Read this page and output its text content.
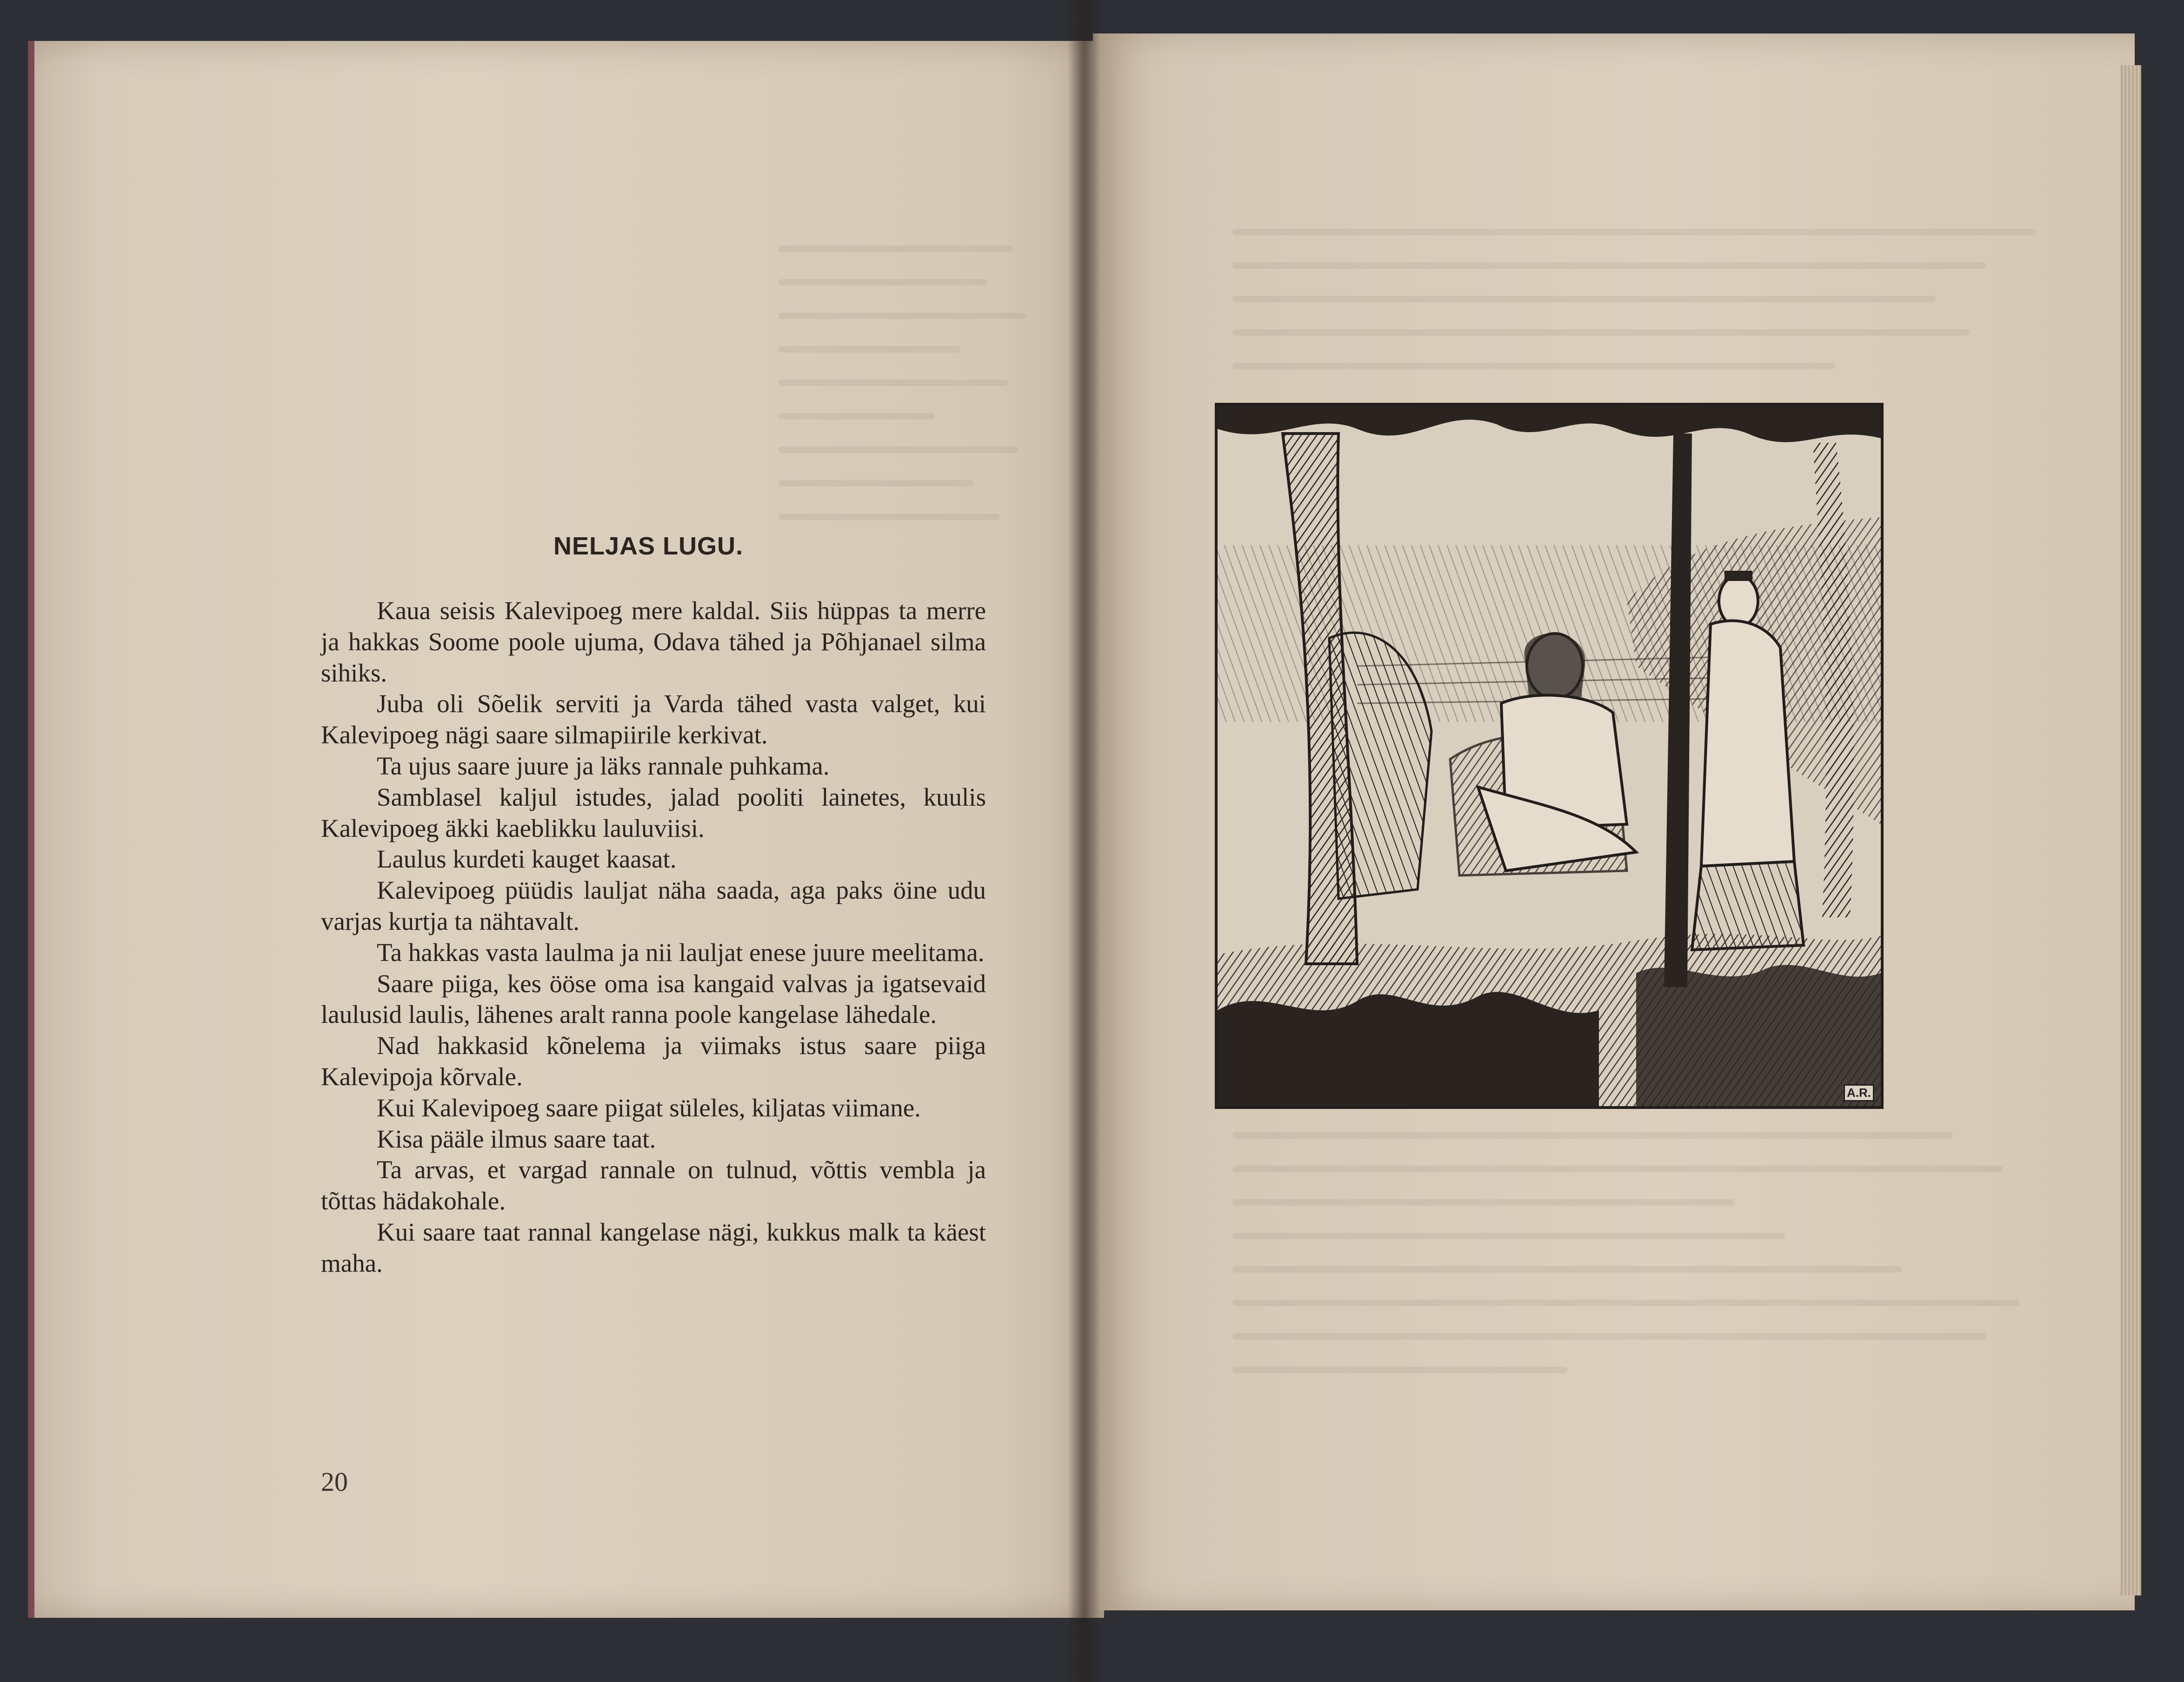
NELJAS LUGU.

Kaua seisis Kalevipoeg mere kaldal. Siis hüppas ta merre ja hakkas Soome poole ujuma, Odava tähed ja Põhjanael silma sihiks.

Juba oli Sõelik serviti ja Varda tähed vasta valget, kui Kalevipoeg nägi saare silmapiirile kerkivat.

Ta ujus saare juure ja läks rannale puhkama.

Samblasel kaljul istudes, jalad pooliti lainetes, kuulis Kalevipoeg äkki kaeblikku lauluviisi.

Laulus kurdeti kauget kaasat.

Kalevipoeg püüdis lauljat näha saada, aga paks öine udu varjas kurtja ta nähtavalt.

Ta hakkas vasta laulma ja nii lauljat enese juure meelitama.

Saare piiga, kes ööse oma isa kangaid valvas ja igatsevaid laulusid laulis, lähenes aralt ranna poole kangelase lähedale.

Nad hakkasid kõnelema ja viimaks istus saare piiga Kalevipoja kõrvale.

Kui Kalevipoeg saare piigat süleles, kiljatas viimane.

Kisa pääle ilmus saare taat.

Ta arvas, et vargad rannale on tulnud, võttis vembla ja tõttas hädakohale.

Kui saare taat rannal kangelase nägi, kukkus malk ta käest maha.

20
A.R.
